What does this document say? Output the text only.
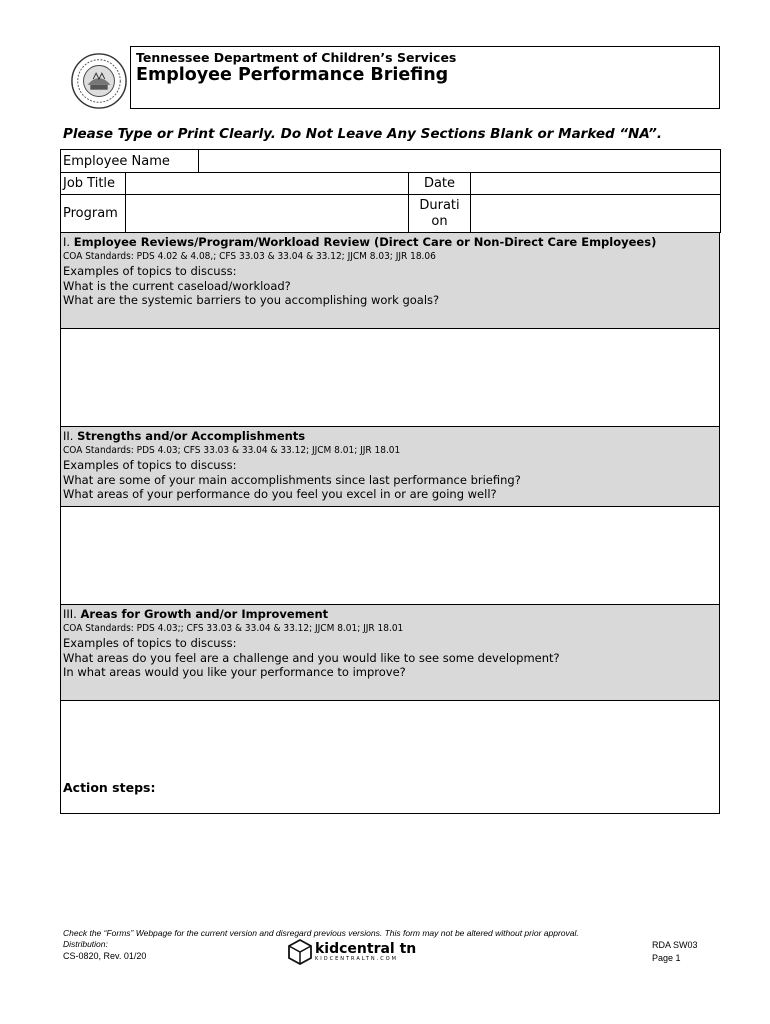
Tennessee Department of Children’s Services
Employee Performance Briefing
Please Type or Print Clearly. Do Not Leave Any Sections Blank or Marked “NA”.
Employee Name				
Job Title			Date	
Program			Durati
on	
I. Employee Reviews/Program/Workload Review (Direct Care or Non-Direct Care Employees)
COA Standards: PDS 4.02 & 4.08,; CFS 33.03 & 33.04 & 33.12; JJCM 8.03; JJR 18.06
Examples of topics to discuss:
What is the current caseload/workload?
What are the systemic barriers to you accomplishing work goals?
II. Strengths and/or Accomplishments
COA Standards: PDS 4.03; CFS 33.03 & 33.04 & 33.12; JJCM 8.01; JJR 18.01
Examples of topics to discuss:
What are some of your main accomplishments since last performance briefing?
What areas of your performance do you feel you excel in or are going well?
III. Areas for Growth and/or Improvement
COA Standards: PDS 4.03;; CFS 33.03 & 33.04 & 33.12; JJCM 8.01; JJR 18.01
Examples of topics to discuss:
What areas do you feel are a challenge and you would like to see some development?
In what areas would you like your performance to improve?
Action steps:
Check the “Forms” Webpage for the current version and disregard previous versions. This form may not be altered without prior approval.
Distribution:
CS-0820, Rev. 01/20	kidcentral tn
KIDCENTRALTN.COM
RDA SW03
Page 1
